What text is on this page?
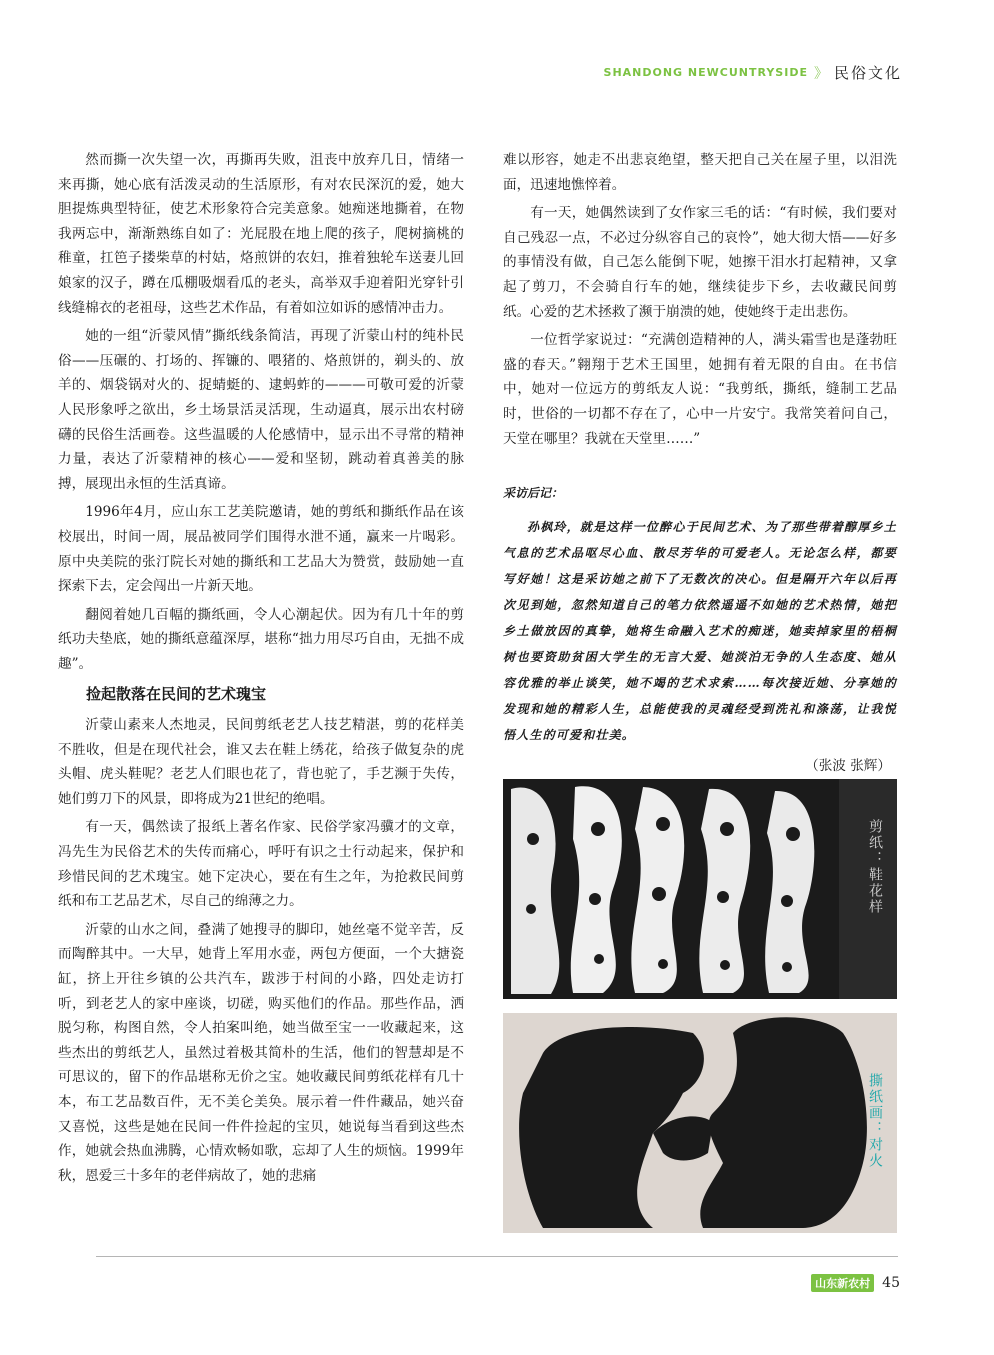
SHANDONG NEWCUNTRYSIDE 》 民俗文化

然而撕一次失望一次，再撕再失败，沮丧中放弃几日，情绪一来再撕，她心底有活泼灵动的生活原形，有对农民深沉的爱，她大胆提炼典型特征，使艺术形象符合完美意象。她痴迷地撕着，在物我两忘中，渐渐熟练自如了：光屁股在地上爬的孩子，爬树摘桃的稚童，扛笆子搂柴草的村姑，烙煎饼的农妇，推着独轮车送妻儿回娘家的汉子，蹲在瓜棚吸烟看瓜的老头，高举双手迎着阳光穿针引线缝棉衣的老祖母，这些艺术作品，有着如泣如诉的感情冲击力。

她的一组“沂蒙风情”撕纸线条简洁，再现了沂蒙山村的纯朴民俗——压碾的、打场的、挥镰的、喂猪的、烙煎饼的，剃头的、放羊的、烟袋锅对火的、捉蜻蜓的、逮蚂蚱的———可敬可爱的沂蒙人民形象呼之欲出，乡土场景活灵活现，生动逼真，展示出农村磅礴的民俗生活画卷。这些温暖的人伦感情中，显示出不寻常的精神力量，表达了沂蒙精神的核心——爱和坚韧，跳动着真善美的脉搏，展现出永恒的生活真谛。

1996年4月，应山东工艺美院邀请，她的剪纸和撕纸作品在该校展出，时间一周，展品被同学们围得水泄不通，赢来一片喝彩。原中央美院的张汀院长对她的撕纸和工艺品大为赞赏，鼓励她一直探索下去，定会闯出一片新天地。

翻阅着她几百幅的撕纸画，令人心潮起伏。因为有几十年的剪纸功夫垫底，她的撕纸意蕴深厚，堪称“拙力用尽巧自由，无拙不成趣”。

捡起散落在民间的艺术瑰宝

沂蒙山素来人杰地灵，民间剪纸老艺人技艺精湛，剪的花样美不胜收，但是在现代社会，谁又去在鞋上绣花，给孩子做复杂的虎头帽、虎头鞋呢？老艺人们眼也花了，背也驼了，手艺濒于失传，她们剪刀下的风景，即将成为21世纪的绝唱。

有一天，偶然读了报纸上著名作家、民俗学家冯骥才的文章，冯先生为民俗艺术的失传而痛心，呼吁有识之士行动起来，保护和珍惜民间的艺术瑰宝。她下定决心，要在有生之年，为抢救民间剪纸和布工艺品艺术，尽自己的绵薄之力。

沂蒙的山水之间，叠满了她搜寻的脚印，她丝毫不觉辛苦，反而陶醉其中。一大早，她背上军用水壶，两包方便面，一个大搪瓷缸，挤上开往乡镇的公共汽车，跋涉于村间的小路，四处走访打听，到老艺人的家中座谈，切磋，购买他们的作品。那些作品，洒脱匀称，构图自然，令人拍案叫绝，她当做至宝一一收藏起来，这些杰出的剪纸艺人，虽然过着极其简朴的生活，他们的智慧却是不可思议的，留下的作品堪称无价之宝。她收藏民间剪纸花样有几十本，布工艺品数百件，无不美仑美奂。展示着一件件藏品，她兴奋又喜悦，这些是她在民间一件件捡起的宝贝，她说每当看到这些杰作，她就会热血沸腾，心情欢畅如歌，忘却了人生的烦恼。1999年秋，恩爱三十多年的老伴病故了，她的悲痛

难以形容，她走不出悲哀绝望，整天把自己关在屋子里，以泪洗面，迅速地憔悴着。

有一天，她偶然读到了女作家三毛的话：“有时候，我们要对自己残忍一点，不必过分纵容自己的哀怜”，她大彻大悟——好多的事情没有做，自己怎么能倒下呢，她擦干泪水打起精神，又拿起了剪刀，不会骑自行车的她，继续徒步下乡，去收藏民间剪纸。心爱的艺术拯救了濒于崩溃的她，使她终于走出悲伤。

一位哲学家说过：“充满创造精神的人，满头霜雪也是蓬勃旺盛的春天。”翱翔于艺术王国里，她拥有着无限的自由。在书信中，她对一位远方的剪纸友人说：“我剪纸，撕纸，缝制工艺品时，世俗的一切都不存在了，心中一片安宁。我常笑着问自己，天堂在哪里？我就在天堂里……”

采访后记：

孙枫玲，就是这样一位醉心于民间艺术、为了那些带着醇厚乡土气息的艺术品呕尽心血、散尽芳华的可爱老人。无论怎么样，都要写好她！这是采访她之前下了无数次的决心。但是隔开六年以后再次见到她，忽然知道自己的笔力依然遥遥不如她的艺术热情，她把乡土做放因的真挚，她将生命融入艺术的痴迷，她卖掉家里的梧桐树也要资助贫困大学生的无言大爱、她淡泊无争的人生态度、她从容优雅的举止谈笑，她不竭的艺术求索……每次接近她、分享她的发现和她的精彩人生，总能使我的灵魂经受到洗礼和涤荡，让我悦悟人生的可爱和壮美。

（张波 张辉）
剪纸：鞋花样
撕纸画：对火
山东新农村 45
